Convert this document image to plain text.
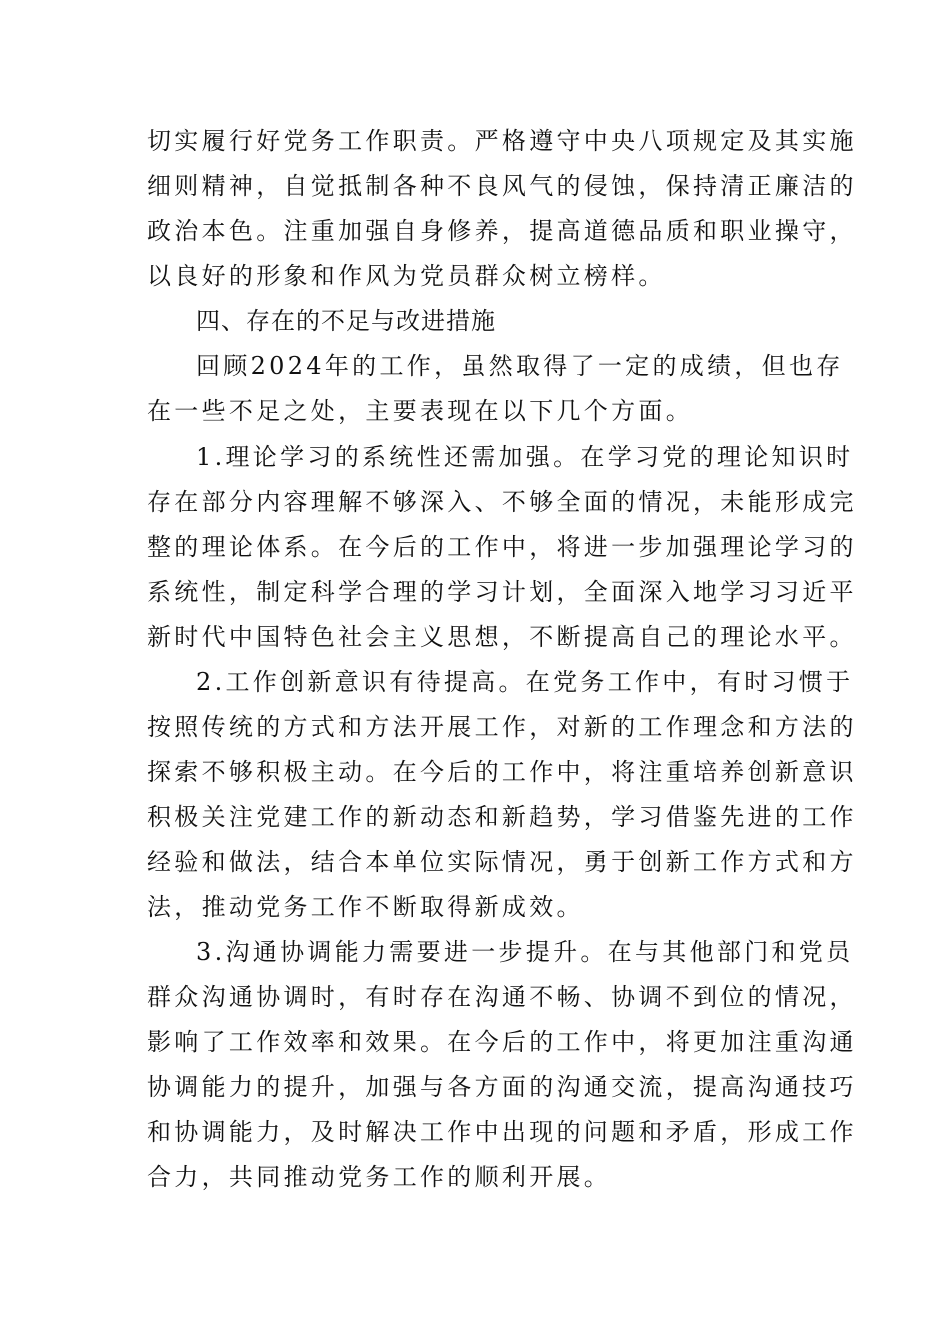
切实履行好党务工作职责。严格遵守中央八项规定及其实施
细则精神，自觉抵制各种不良风气的侵蚀，保持清正廉洁的
政治本色。注重加强自身修养，提高道德品质和职业操守，
以良好的形象和作风为党员群众树立榜样。
四、存在的不足与改进措施
回顾2024年的工作，虽然取得了一定的成绩，但也存
在一些不足之处，主要表现在以下几个方面。
1.理论学习的系统性还需加强。在学习党的理论知识时
存在部分内容理解不够深入、不够全面的情况，未能形成完
整的理论体系。在今后的工作中，将进一步加强理论学习的
系统性，制定科学合理的学习计划，全面深入地学习习近平
新时代中国特色社会主义思想，不断提高自己的理论水平。
2.工作创新意识有待提高。在党务工作中，有时习惯于
按照传统的方式和方法开展工作，对新的工作理念和方法的
探索不够积极主动。在今后的工作中，将注重培养创新意识
积极关注党建工作的新动态和新趋势，学习借鉴先进的工作
经验和做法，结合本单位实际情况，勇于创新工作方式和方
法，推动党务工作不断取得新成效。
3.沟通协调能力需要进一步提升。在与其他部门和党员
群众沟通协调时，有时存在沟通不畅、协调不到位的情况，
影响了工作效率和效果。在今后的工作中，将更加注重沟通
协调能力的提升，加强与各方面的沟通交流，提高沟通技巧
和协调能力，及时解决工作中出现的问题和矛盾，形成工作
合力，共同推动党务工作的顺利开展。
